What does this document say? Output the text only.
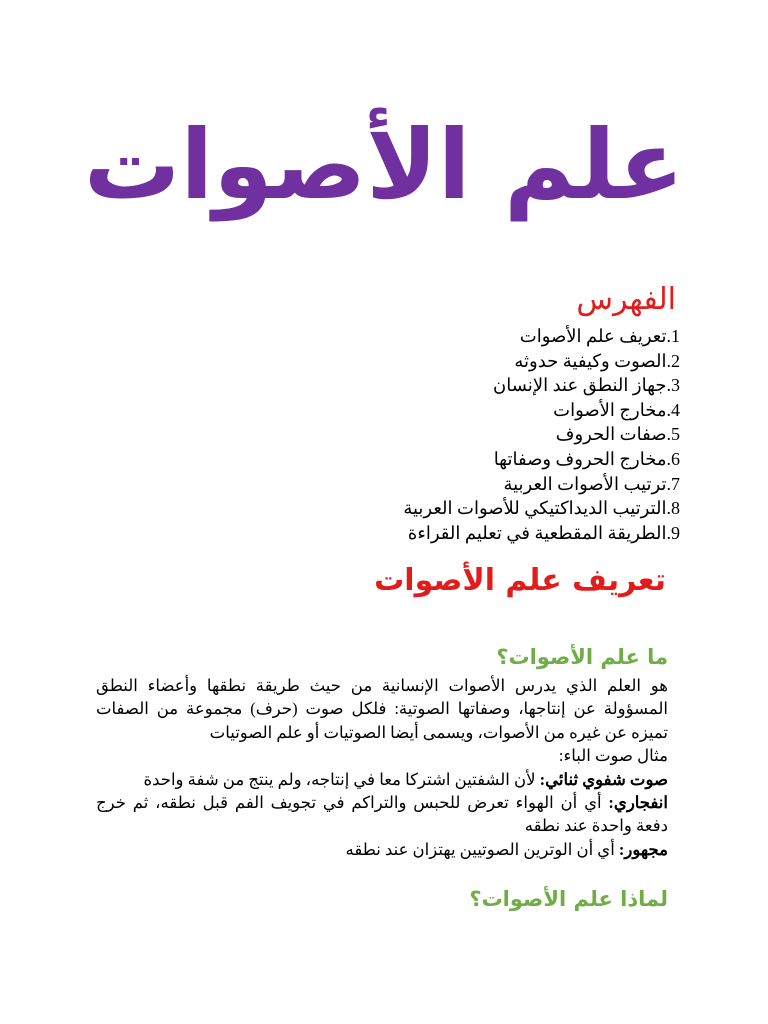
علم الأصوات
الفهرس
1.تعريف علم الأصوات
2.الصوت وكيفية حدوثه
3.جهاز النطق عند الإنسان
4.مخارج الأصوات
5.صفات الحروف
6.مخارج الحروف وصفاتها
7.ترتيب الأصوات العربية
8.الترتيب الديداكتيكي للأصوات العربية
9.الطريقة المقطعية في تعليم القراءة
تعريف علم الأصوات
ما علم الأصوات؟

هو العلم الذي يدرس الأصوات الإنسانية من حيث طريقة نطقها وأعضاء النطق المسؤولة عن إنتاجها، وصفاتها الصوتية: فلكل صوت (حرف) مجموعة من الصفات تميزه عن غيره من الأصوات، ويسمى أيضا الصوتيات أو علم الصوتيات

مثال صوت الباء:

صوت شفوي ثنائي: لأن الشفتين اشتركا معا في إنتاجه، ولم ينتج من شفة واحدة

انفجاري: أي أن الهواء تعرض للحبس والتراكم في تجويف الفم قبل نطقه، ثم خرج دفعة واحدة عند نطقه

مجهور: أي أن الوترين الصوتيين يهتزان عند نطقه

لماذا علم الأصوات؟
